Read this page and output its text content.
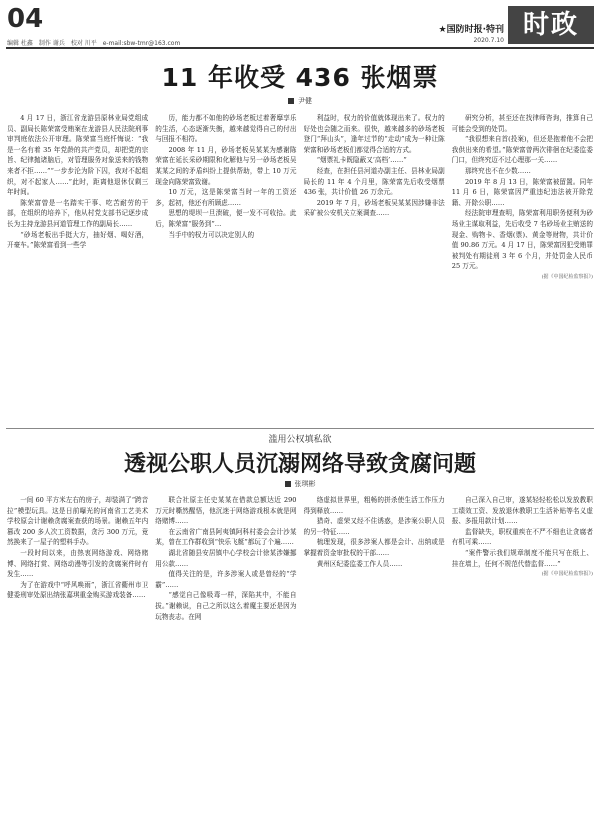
04
编辑 杜鑫　制作 谢兵　校对 川平　e-mail:sbw-tmr@163.com
★国防时报·特刊
2020.7.10
时政
11 年收受 436 张烟票
尹健

4 月 17 日，浙江省龙游县原林业局党组成员、副局长陈荣富受贿案在龙游县人民法院刑事审判庭依法公开审理。陈荣富当庭忏悔说：“我是一名有着 35 年党龄的共产党员，却把党的宗旨、纪律抛诸脑后，对管理服务对象送来的钱物来者不拒……”“一步步沦为阶下囚，我对不起组织，对不起家人……”此时，距离他退休仅剩三年时间。

陈荣富曾是一名踏实干事、吃苦耐劳的干部，在组织的培养下，他从村党支部书记逐步成长为主持龙游县河道管理工作的副局长……

“砂场老板出手挺大方，抽好烟、喝好酒，开豪车。”陈荣富看到一些学

历，能力都不如他的砂场老板过着奢靡享乐的生活，心态逐渐失衡，越来越觉得自己的付出与回报不相符。

2008 年 11 月，砂场老板吴某某为感谢陈荣富在延长采砂期限和化解他与另一砂场老板吴某某之间的矛盾纠纷上提供帮助，带上 10 万元现金向陈荣富致谢。

10 万元，这是陈荣富当时一年的工资还多，起初，他还有所顾虑……

思想的堤坝一旦溃破，便一发不可收拾。此后，陈荣富“服务到”…

当手中的权力可以决定别人的

利益时，权力的价值就体现出来了。权力的好处也会随之而来。很快，越来越多的砂场老板登门“拜山头”，逢年过节的“走动”成为一种让陈荣富和砂场老板们都觉得合适的方式。

“烟票礼卡既隐蔽又‘高档’……”

经查，在担任县河道办副主任、县林业局副局长的 11 年 4 个月里，陈荣富先后收受烟票 436 张，共计价值 26 万余元。

2019 年 7 月，砂场老板吴某某因涉嫌非法采矿被公安机关立案调查……

研究分析，甚至还在找律师咨询，推算自己可能会受到的处罚。

“我很想来自首(投案)，但还是抱着他不会把我供出来的希望。”陈荣富曾两次徘徊在纪委监委门口，但终究迈不过心理那一关……

那终究也不在少数……

2019 年 8 月 13 日，陈荣富被留置。同年 11 月 6 日，陈荣富因严重违纪违法被开除党籍、开除公职……

经法院审理查明，陈荣富利用职务便利为砂场业主谋取利益，先后收受 7 名砂场业主贿送的现金、购物卡、香烟(票)、黄金等财物，共计价值 90.86 万元。4 月 17 日，陈荣富因犯受贿罪被判处有期徒刑 3 年 6 个月，并处罚金人民币 25 万元。

(据《中国纪检监察报》)

滥用公权填私欲
透视公职人员沉溺网络导致贪腐问题
张琪彬

一间 60 平方米左右的房子，却装满了“跨音拉”模型玩具。这是日前曝光的河南省工艺美术学校原会计谢赖贪腐案查获的场景。谢赖五年内篡改 200 多人次工资数据，贪污 300 万元，竟然换来了一屋子的塑料手办。

一段时间以来，由热衷网络游戏、网络赌博、网络打赏、网络动漫等引发的贪腐案件时有发生……

为了在游戏中“呼风唤雨”，浙江省衢州市卫健委刑审处原出纳张嘉琪重金购买游戏装备……

联合社原主任史某某在借款总额达近 290 万元时嘶然醒悟，他沉迷于网络游戏根本就是网络赌博……

在云南省广南县阿夷镇阿科村委会会计沙某某，曾在工作群收到“快乐飞艇”都玩了个遍……

湖北省随县安居镇中心学校会计徐某涉嫌挪用公款……

值得关注的是，许多涉案人或是曾经的“学霸”……

“感觉自己像吸毒一样，深陷其中，不能自拔。”谢赖说，自己之所以这么着魔主要还是因为玩物丧志。在网

络虚拟世界里，粗畅的拼杀使生活工作压力得到释放……

猎奇、虚荣又经不住诱惑，是涉案公职人员的另一特征……

梳理发现，很多涉案人都是会计、出纳或是掌握着资金审批权的干部……

黄州区纪委监委工作人员……

自己深入自己审，遂某轻轻松松以发放教职工绩效工资、发放退休教职工生活补贴等名义虚报、多报用款计划……

监督缺失，职权重疾在不严不细也让贪腐者有机可乘……

“案件警示我们规章制度不能只写在纸上、挂在墙上，任何不规范代替监督……”

(据《中国纪检监察报》)
